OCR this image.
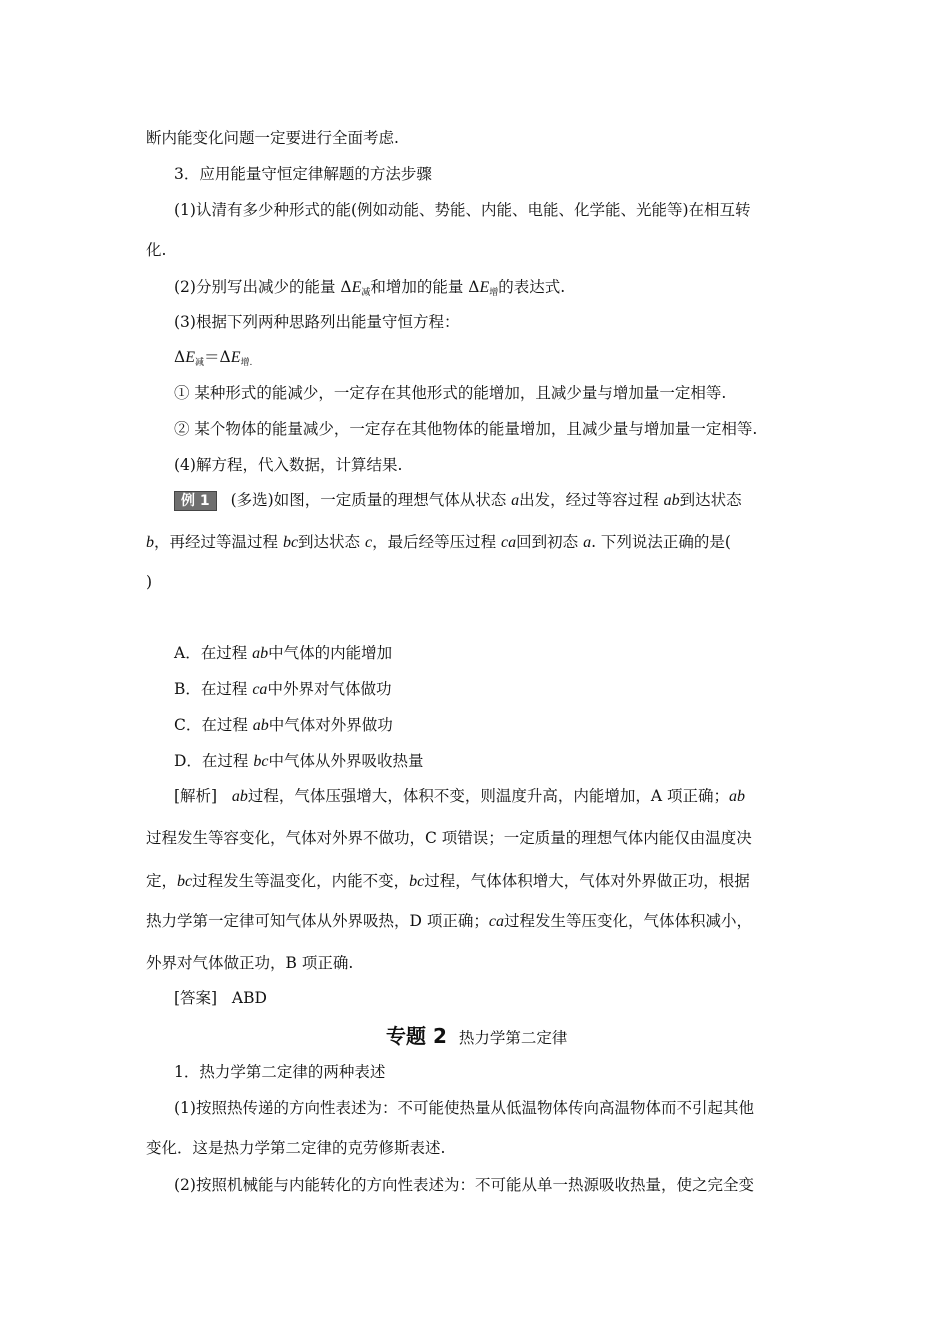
断内能变化问题一定要进行全面考虑.
3．应用能量守恒定律解题的方法步骤
(1)认清有多少种形式的能(例如动能、势能、内能、电能、化学能、光能等)在相互转
化.
(2)分别写出减少的能量 $\Delta E_减$和增加的能量 $\Delta E_增$的表达式.
(3)根据下列两种思路列出能量守恒方程：
$\Delta E_减=\Delta E_{增.}$
① 某种形式的能减少，一定存在其他形式的能增加，且减少量与增加量一定相等.
② 某个物体的能量减少，一定存在其他物体的能量增加，且减少量与增加量一定相等.
(4)解方程，代入数据，计算结果.
例 1 (多选)如图，一定质量的理想气体从状态 a出发，经过等容过程 ab到达状态
b，再经过等温过程 bc到达状态 c，最后经等压过程 ca回到初态 a. 下列说法正确的是(
)
A．在过程 ab中气体的内能增加
B．在过程 ca中外界对气体做功
C．在过程 ab中气体对外界做功
D．在过程 bc中气体从外界吸收热量
[解析] ab过程，气体压强增大，体积不变，则温度升高，内能增加，A 项正确；ab
过程发生等容变化，气体对外界不做功，C 项错误；一定质量的理想气体内能仅由温度决
定，bc过程发生等温变化，内能不变，bc过程，气体体积增大，气体对外界做正功，根据
热力学第一定律可知气体从外界吸热，D 项正确；ca过程发生等压变化，气体体积减小，
外界对气体做正功，B 项正确.
[答案] ABD
专题 2 热力学第二定律
1．热力学第二定律的两种表述
(1)按照热传递的方向性表述为：不可能使热量从低温物体传向高温物体而不引起其他
变化．这是热力学第二定律的克劳修斯表述.
(2)按照机械能与内能转化的方向性表述为：不可能从单一热源吸收热量，使之完全变
